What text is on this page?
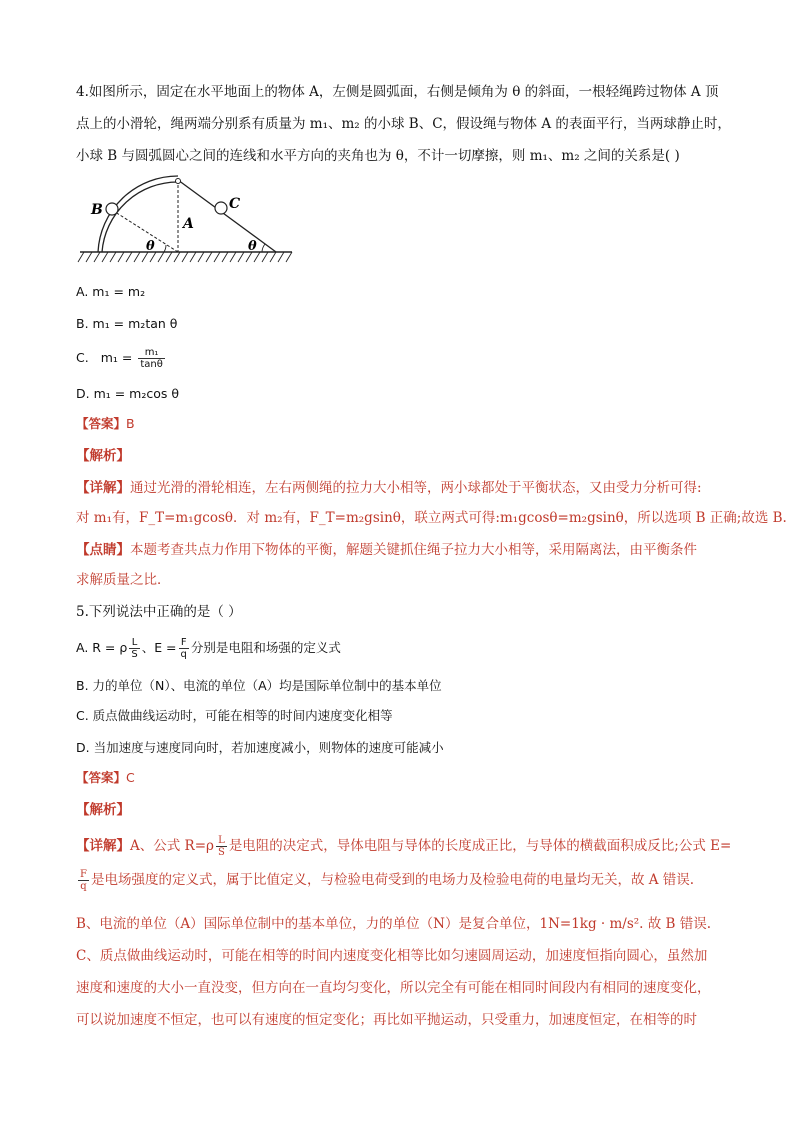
4.如图所示，固定在水平地面上的物体 A，左侧是圆弧面，右侧是倾角为 θ 的斜面，一根轻绳跨过物体 A 顶
点上的小滑轮，绳两端分别系有质量为 m₁、m₂ 的小球 B、C，假设绳与物体 A 的表面平行，当两球静止时，
小球 B 与圆弧圆心之间的连线和水平方向的夹角也为 θ，不计一切摩擦，则 m₁、m₂ 之间的关系是( )
B	C
A
θ	θ
A. m₁ = m₂
B. m₁ = m₂tan θ
C. $m_1 = \frac{\text{m₁}}{\tan\theta}$
D. m₁ = m₂cos θ
【答案】B
【解析】
【详解】通过光滑的滑轮相连，左右两侧绳的拉力大小相等，两小球都处于平衡状态，又由受力分析可得:
对 m₁有，F_T=m₁gcosθ．对 m₂有，F_T=m₂gsinθ，联立两式可得:m₁gcosθ=m₂gsinθ，所以选项 B 正确;故选 B.
【点睛】本题考查共点力作用下物体的平衡，解题关键抓住绳子拉力大小相等，采用隔离法，由平衡条件
求解质量之比．
5.下列说法中正确的是（ ）
A. R = ρ $\frac{L}{S}$ 、$E = \frac{F}{q}$ 分别是电阻和场强的定义式
B. 力的单位（N）、电流的单位（A）均是国际单位制中的基本单位
C. 质点做曲线运动时，可能在相等的时间内速度变化相等
D. 当加速度与速度同向时，若加速度减小，则物体的速度可能减小
【答案】C
【解析】
【详解】A、公式 $R=\rho \frac{L}{S}$ 是电阻的决定式，导体电阻与导体的长度成正比，与导体的横截面积成反比;公式 E=
$\frac{F}{q}$ 是电场强度的定义式，属于比值定义，与检验电荷受到的电场力及检验电荷的电量均无关，故 A 错误.
B、电流的单位（A）国际单位制中的基本单位，力的单位（N）是复合单位，1N=1kg · m/s². 故 B 错误.
C、质点做曲线运动时，可能在相等的时间内速度变化相等比如匀速圆周运动，加速度恒指向圆心，虽然加
速度和速度的大小一直没变，但方向在一直均匀变化，所以完全有可能在相同时间段内有相同的速度变化，
可以说加速度不恒定，也可以有速度的恒定变化；再比如平抛运动，只受重力，加速度恒定，在相等的时
